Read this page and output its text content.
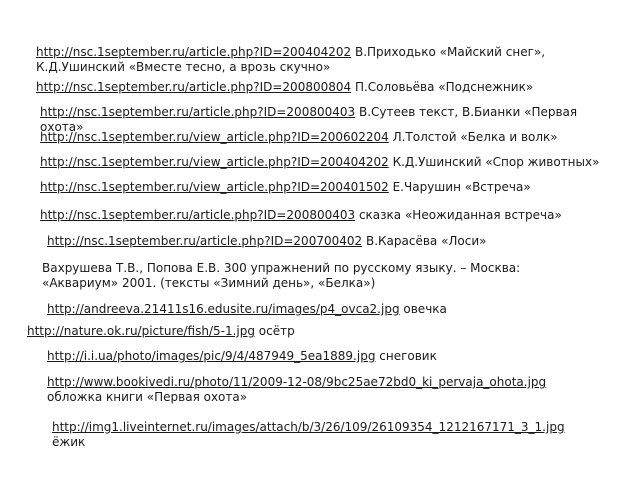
http://nsc.1september.ru/article.php?ID=200404202 В.Приходько «Майский снег», К.Д.Ушинский «Вместе тесно, а врозь скучно»
http://nsc.1september.ru/article.php?ID=200800804 П.Соловьёва «Подснежник»
http://nsc.1september.ru/article.php?ID=200800403 В.Сутеев текст, В.Бианки «Первая охота»
http://nsc.1september.ru/view_article.php?ID=200602204 Л.Толстой «Белка и волк»
http://nsc.1september.ru/view_article.php?ID=200404202 К.Д.Ушинский «Спор животных»
http://nsc.1september.ru/view_article.php?ID=200401502 Е.Чарушин «Встреча»
http://nsc.1september.ru/article.php?ID=200800403 сказка «Неожиданная встреча»
http://nsc.1september.ru/article.php?ID=200700402 В.Карасёва «Лоси»
Вахрушева Т.В., Попова Е.В. 300 упражнений по русскому языку. – Москва: «Аквариум» 2001. (тексты «Зимний день», «Белка»)
http://andreeva.21411s16.edusite.ru/images/p4_ovca2.jpg овечка
http://nature.ok.ru/picture/fish/5-1.jpg осётр
http://i.i.ua/photo/images/pic/9/4/487949_5ea1889.jpg снеговик
http://www.bookivedi.ru/photo/11/2009-12-08/9bc25ae72bd0_ki_pervaja_ohota.jpg обложка книги «Первая охота»
http://img1.liveinternet.ru/images/attach/b/3/26/109/26109354_1212167171_3_1.jpg ёжик
